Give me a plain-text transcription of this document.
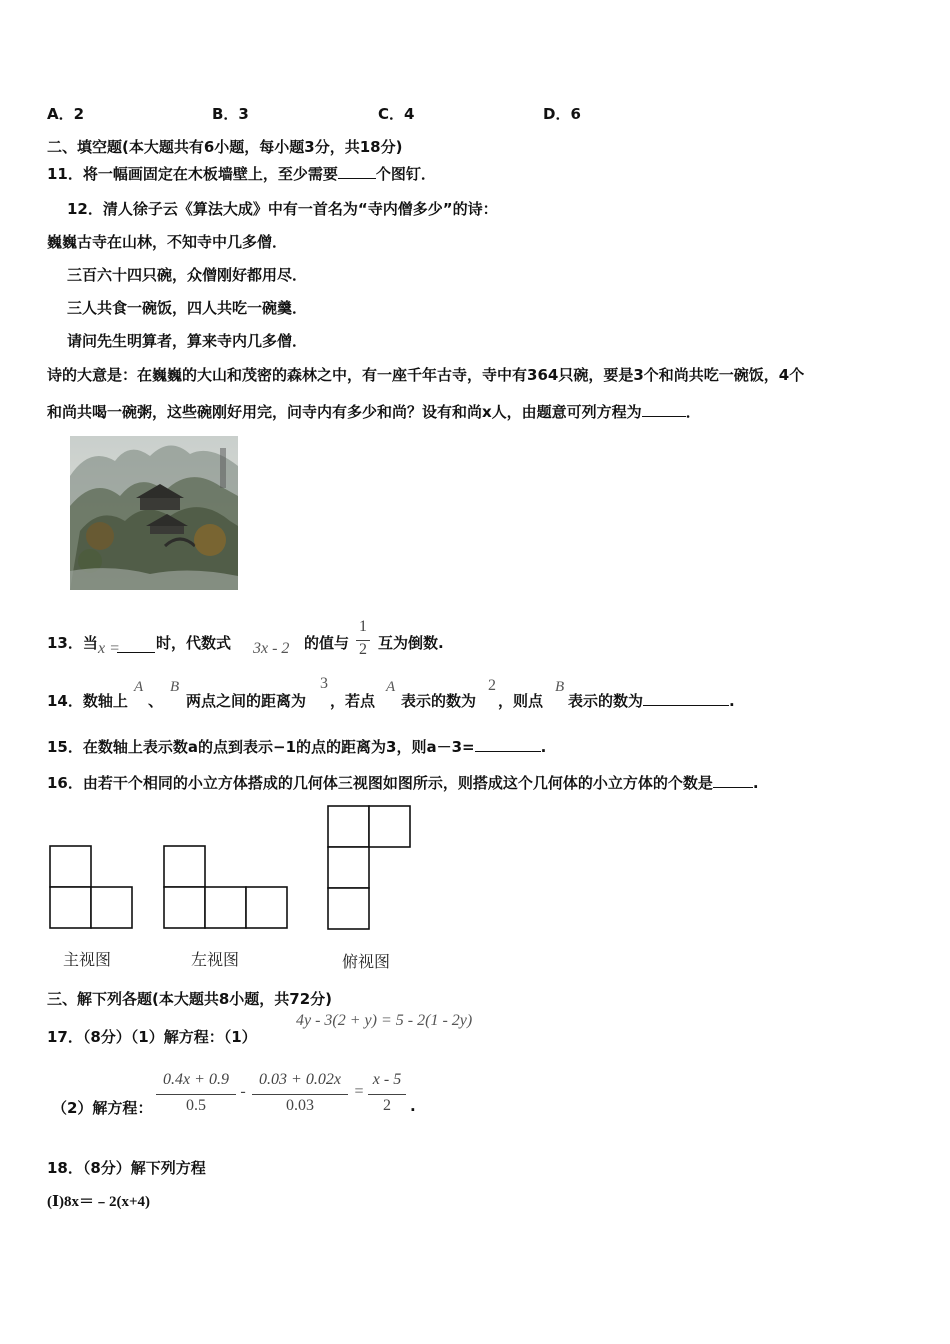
A．2	B．3	C．4	D．6
二、填空题(本大题共有6小题，每小题3分，共18分)
11．将一幅画固定在木板墙壁上，至少需要	个图钉．
12．清人徐子云《算法大成》中有一首名为“寺内僧多少”的诗：
巍巍古寺在山林，不知寺中几多僧．
三百六十四只碗，众僧刚好都用尽．
三人共食一碗饭，四人共吃一碗羹．
请问先生明算者，算来寺内几多僧．
诗的大意是：在巍巍的大山和茂密的森林之中，有一座千年古寺，寺中有364只碗，要是3个和尚共吃一碗饭，4个
和尚共喝一碗粥，这些碗刚好用完，问寺内有多少和尚？设有和尚x人，由题意可列方程为	．
13．当 x = 时，代数式 3x - 2 的值与
1
2 互为倒数.
14．数轴上
A
、
B
两点之间的距离为
3
，若点
A
表示的数为
2
，则点
B
表示的数为	.
15．在数轴上表示数a的点到表示−1的点的距离为3，则a－3=	.
16．由若干个相同的小立方体搭成的几何体三视图如图所示，则搭成这个几何体的小立方体的个数是	.
主视图	左视图	俯视图
三、解下列各题(本大题共8小题，共72分)
17．（8分）（1）解方程：（1）
4y - 3(2 + y) = 5 - 2(1 - 2y)
（2）解方程：
0.4x + 0.9
0.5
-
0.03 + 0.02x
0.03
=
x - 5
2	.
18．（8分）解下列方程
(Ⅰ)8x＝﹣2(x+4)
